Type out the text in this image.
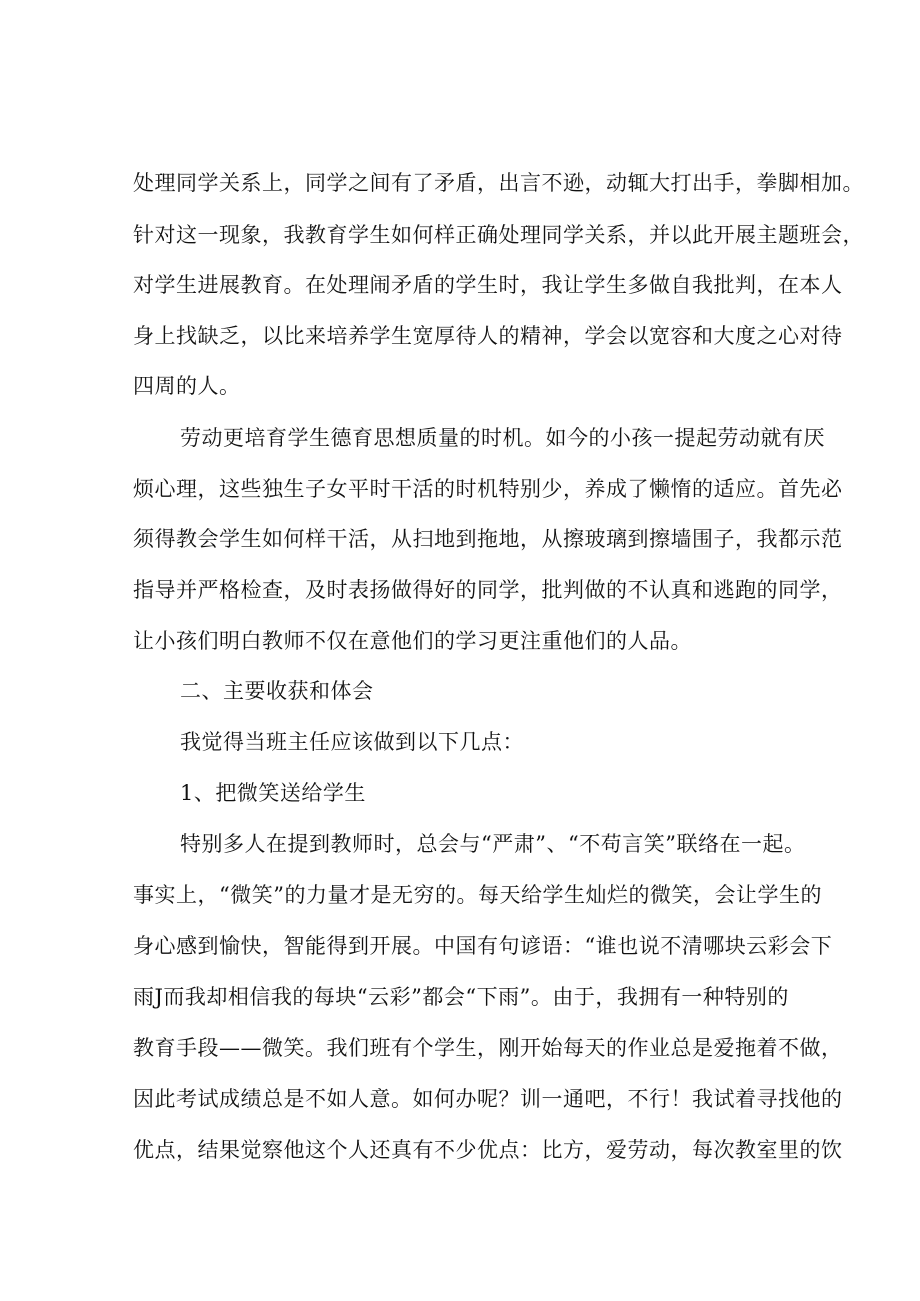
处理同学关系上，同学之间有了矛盾，出言不逊，动辄大打出手，拳脚相加。
针对这一现象，我教育学生如何样正确处理同学关系，并以此开展主题班会，
对学生进展教育。在处理闹矛盾的学生时，我让学生多做自我批判，在本人
身上找缺乏，以比来培养学生宽厚待人的精神，学会以宽容和大度之心对待
四周的人。
劳动更培育学生德育思想质量的时机。如今的小孩一提起劳动就有厌
烦心理，这些独生子女平时干活的时机特别少，养成了懒惰的适应。首先必
须得教会学生如何样干活，从扫地到拖地，从擦玻璃到擦墙围子，我都示范
指导并严格检查，及时表扬做得好的同学，批判做的不认真和逃跑的同学，
让小孩们明白教师不仅在意他们的学习更注重他们的人品。
二、主要收获和体会
我觉得当班主任应该做到以下几点：
1、把微笑送给学生
特别多人在提到教师时，总会与“严肃”、“不苟言笑”联络在一起。
事实上，“微笑”的力量才是无穷的。每天给学生灿烂的微笑，会让学生的
身心感到愉快，智能得到开展。中国有句谚语：“谁也说不清哪块云彩会下
雨J而我却相信我的每块“云彩”都会“下雨”。由于，我拥有一种特别的
教育手段——微笑。我们班有个学生，刚开始每天的作业总是爱拖着不做，
因此考试成绩总是不如人意。如何办呢？训一通吧，不行！我试着寻找他的
优点，结果觉察他这个人还真有不少优点：比方，爱劳动，每次教室里的饮
